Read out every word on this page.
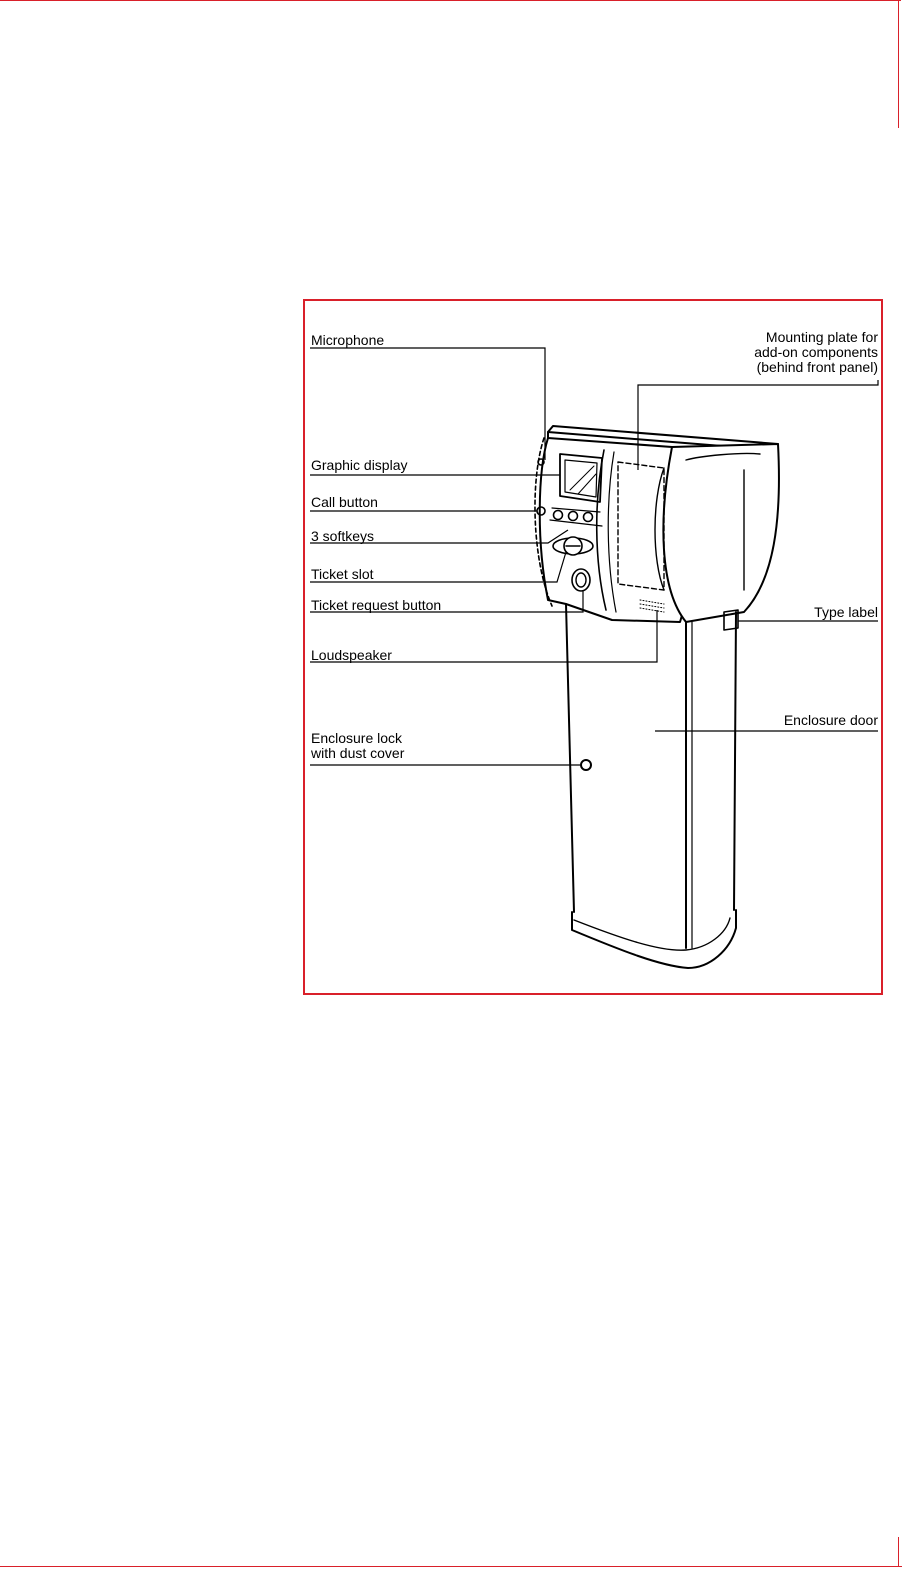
Microphone
Graphic display
Call button
3 softkeys
Ticket slot
Ticket request button
Loudspeaker
Enclosure lock
with dust cover
Mounting plate for
add-on components
(behind front panel)
Type label
Enclosure door
